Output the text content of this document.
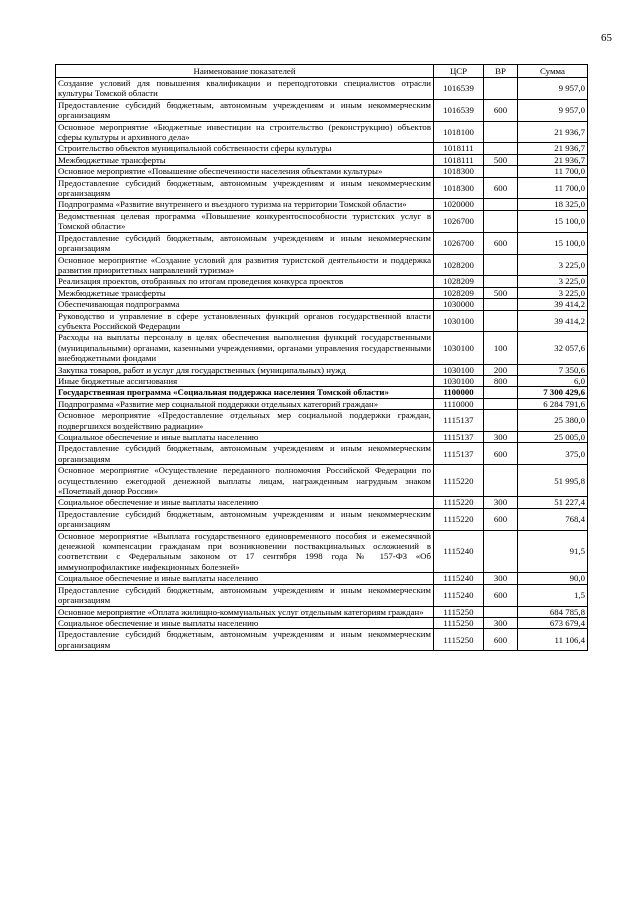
65
Наименование показателей	ЦСР	ВР	Сумма
Создание условий для повышения квалификации и переподготовки специалистов отрасли культуры Томской области	1016539		9 957,0
Предоставление субсидий бюджетным, автономным учреждениям и иным некоммерческим организациям	1016539	600	9 957,0
Основное мероприятие «Бюджетные инвестиции на строительство (реконструкцию) объектов сферы культуры и архивного дела»	1018100		21 936,7
Строительство объектов муниципальной собственности сферы культуры	1018111		21 936,7
Межбюджетные трансферты	1018111	500	21 936,7
Основное мероприятие «Повышение обеспеченности населения объектами культуры»	1018300		11 700,0
Предоставление субсидий бюджетным, автономным учреждениям и иным некоммерческим организациям	1018300	600	11 700,0
Подпрограмма «Развитие внутреннего и въездного туризма на территории Томской области»	1020000		18 325,0
Ведомственная целевая программа «Повышение конкурентоспособности туристских услуг в Томской области»	1026700		15 100,0
Предоставление субсидий бюджетным, автономным учреждениям и иным некоммерческим организациям	1026700	600	15 100,0
Основное мероприятие «Создание условий для развития туристской деятельности и поддержка развития приоритетных направлений туризма»	1028200		3 225,0
Реализация проектов, отобранных по итогам проведения конкурса проектов	1028209		3 225,0
Межбюджетные трансферты	1028209	500	3 225,0
Обеспечивающая подпрограмма	1030000		39 414,2
Руководство и управление в сфере установленных функций органов государственной власти субъекта Российской Федерации	1030100		39 414,2
Расходы на выплаты персоналу в целях обеспечения выполнения функций государственными (муниципальными) органами, казенными учреждениями, органами управления государственными внебюджетными фондами	1030100	100	32 057,6
Закупка товаров, работ и услуг для государственных (муниципальных) нужд	1030100	200	7 350,6
Иные бюджетные ассигнования	1030100	800	6,0
Государственная программа «Социальная поддержка населения Томской области»	1100000		7 300 429,6
Подпрограмма «Развитие мер социальной поддержки отдельных категорий граждан»	1110000		6 284 791,6
Основное мероприятие «Предоставление отдельных мер социальной поддержки граждан, подвергшихся воздействию радиации»	1115137		25 380,0
Социальное обеспечение и иные выплаты населению	1115137	300	25 005,0
Предоставление субсидий бюджетным, автономным учреждениям и иным некоммерческим организациям	1115137	600	375,0
Основное мероприятие «Осуществление переданного полномочия Российской Федерации по осуществлению ежегодной денежной выплаты лицам, награжденным нагрудным знаком «Почетный донор России»	1115220		51 995,8
Социальное обеспечение и иные выплаты населению	1115220	300	51 227,4
Предоставление субсидий бюджетным, автономным учреждениям и иным некоммерческим организациям	1115220	600	768,4
Основное мероприятие «Выплата государственного единовременного пособия и ежемесячной денежной компенсации гражданам при возникновении поствакцинальных осложнений в соответствии с Федеральным законом от 17 сентября 1998 года № 157-ФЗ «Об иммунопрофилактике инфекционных болезней»	1115240		91,5
Социальное обеспечение и иные выплаты населению	1115240	300	90,0
Предоставление субсидий бюджетным, автономным учреждениям и иным некоммерческим организациям	1115240	600	1,5
Основное мероприятие «Оплата жилищно-коммунальных услуг отдельным категориям граждан»	1115250		684 785,8
Социальное обеспечение и иные выплаты населению	1115250	300	673 679,4
Предоставление субсидий бюджетным, автономным учреждениям и иным некоммерческим организациям	1115250	600	11 106,4
